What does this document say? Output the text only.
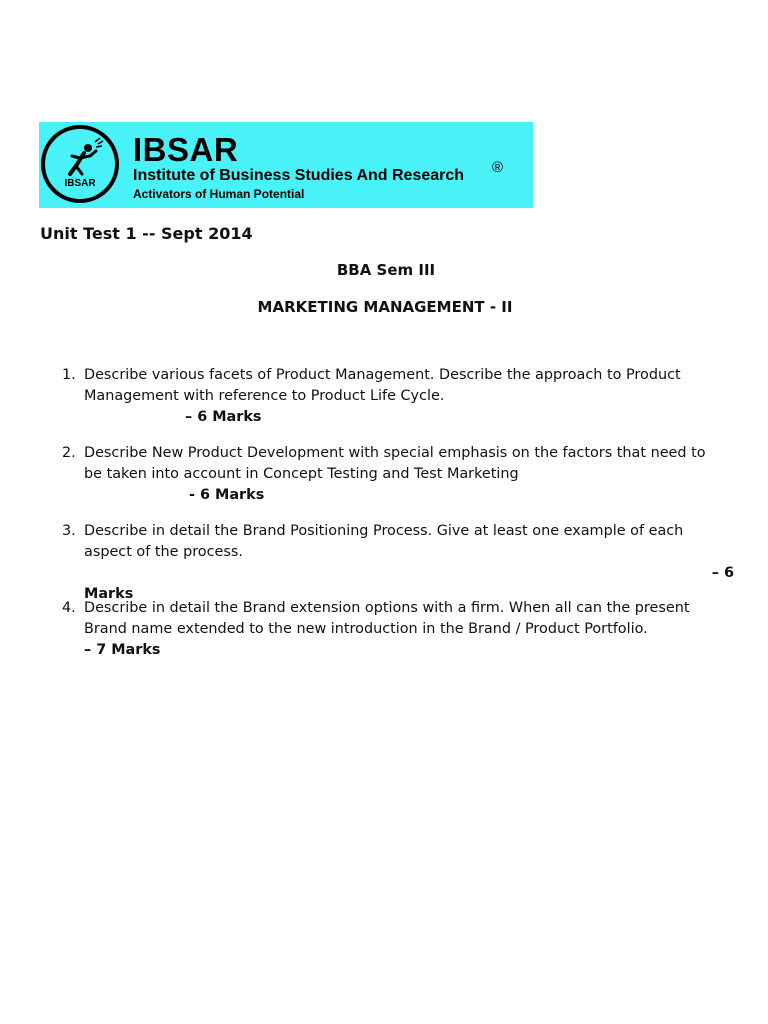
IBSAR
IBSAR
Institute of Business Studies And Research ®
Activators of Human Potential
Unit Test 1 -- Sept 2014
BBA Sem III
MARKETING MANAGEMENT - II
1. Describe various facets of Product Management. Describe the approach to Product Management with reference to Product Life Cycle.
– 6 Marks
2. Describe New Product Development with special emphasis on the factors that need to be taken into account in Concept Testing and Test Marketing
- 6 Marks
3. Describe in detail the Brand Positioning Process. Give at least one example of each aspect of the process.
– 6
Marks
4. Describe in detail the Brand extension options with a firm. When all can the present Brand name extended to the new introduction in the Brand / Product Portfolio.
– 7 Marks
